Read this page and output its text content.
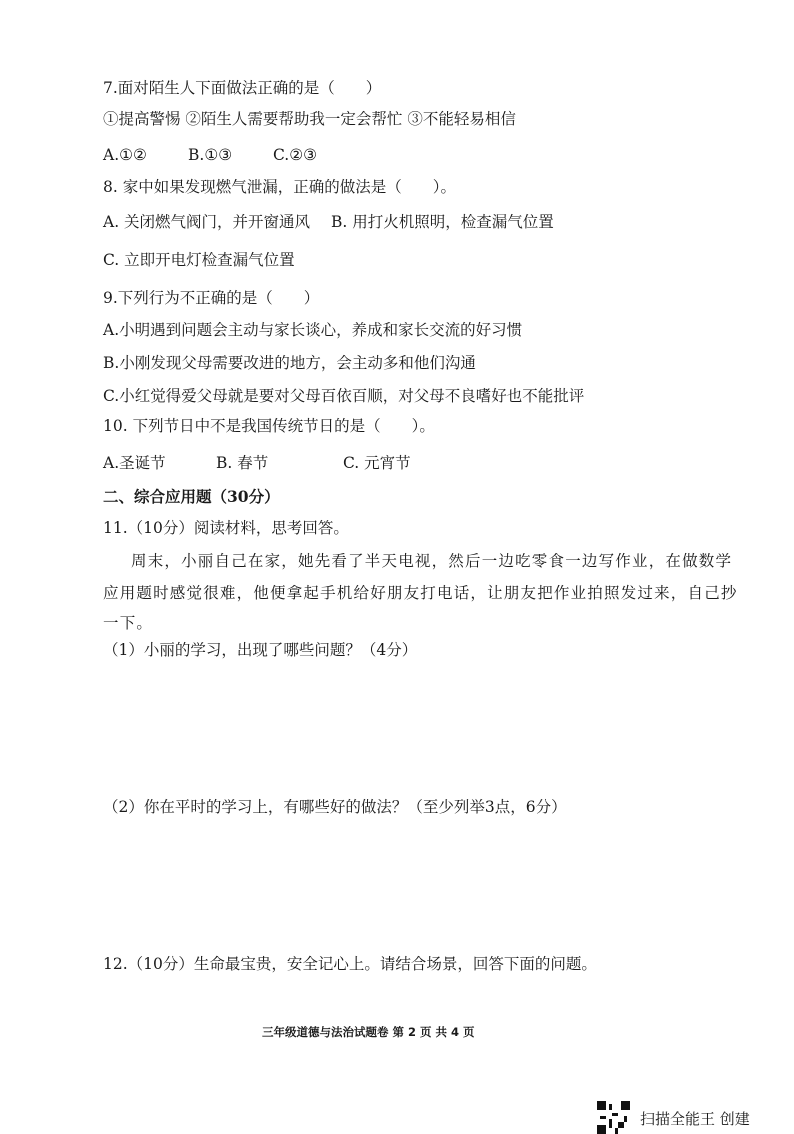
7.面对陌生人下面做法正确的是（　　）
①提高警惕 ②陌生人需要帮助我一定会帮忙 ③不能轻易相信
A.①②	B.①③	C.②③
8. 家中如果发现燃气泄漏，正确的做法是（　　）。
A. 关闭燃气阀门，并开窗通风 B. 用打火机照明，检查漏气位置
C. 立即开电灯检查漏气位置
9.下列行为不正确的是（　　）
A.小明遇到问题会主动与家长谈心，养成和家长交流的好习惯
B.小刚发现父母需要改进的地方，会主动多和他们沟通
C.小红觉得爱父母就是要对父母百依百顺，对父母不良嗜好也不能批评
10. 下列节日中不是我国传统节日的是（　　）。
A.圣诞节	B. 春节	C. 元宵节
二、综合应用题（30分）
11.（10分）阅读材料，思考回答。
周末，小丽自己在家，她先看了半天电视，然后一边吃零食一边写作业，在做数学
应用题时感觉很难，他便拿起手机给好朋友打电话，让朋友把作业拍照发过来，自己抄
一下。
（1）小丽的学习，出现了哪些问题？（4分）
（2）你在平时的学习上，有哪些好的做法？（至少列举3点，6分）
12.（10分）生命最宝贵，安全记心上。请结合场景，回答下面的问题。
三年级道德与法治试题卷 第 2 页 共 4 页
扫描全能王 创建
